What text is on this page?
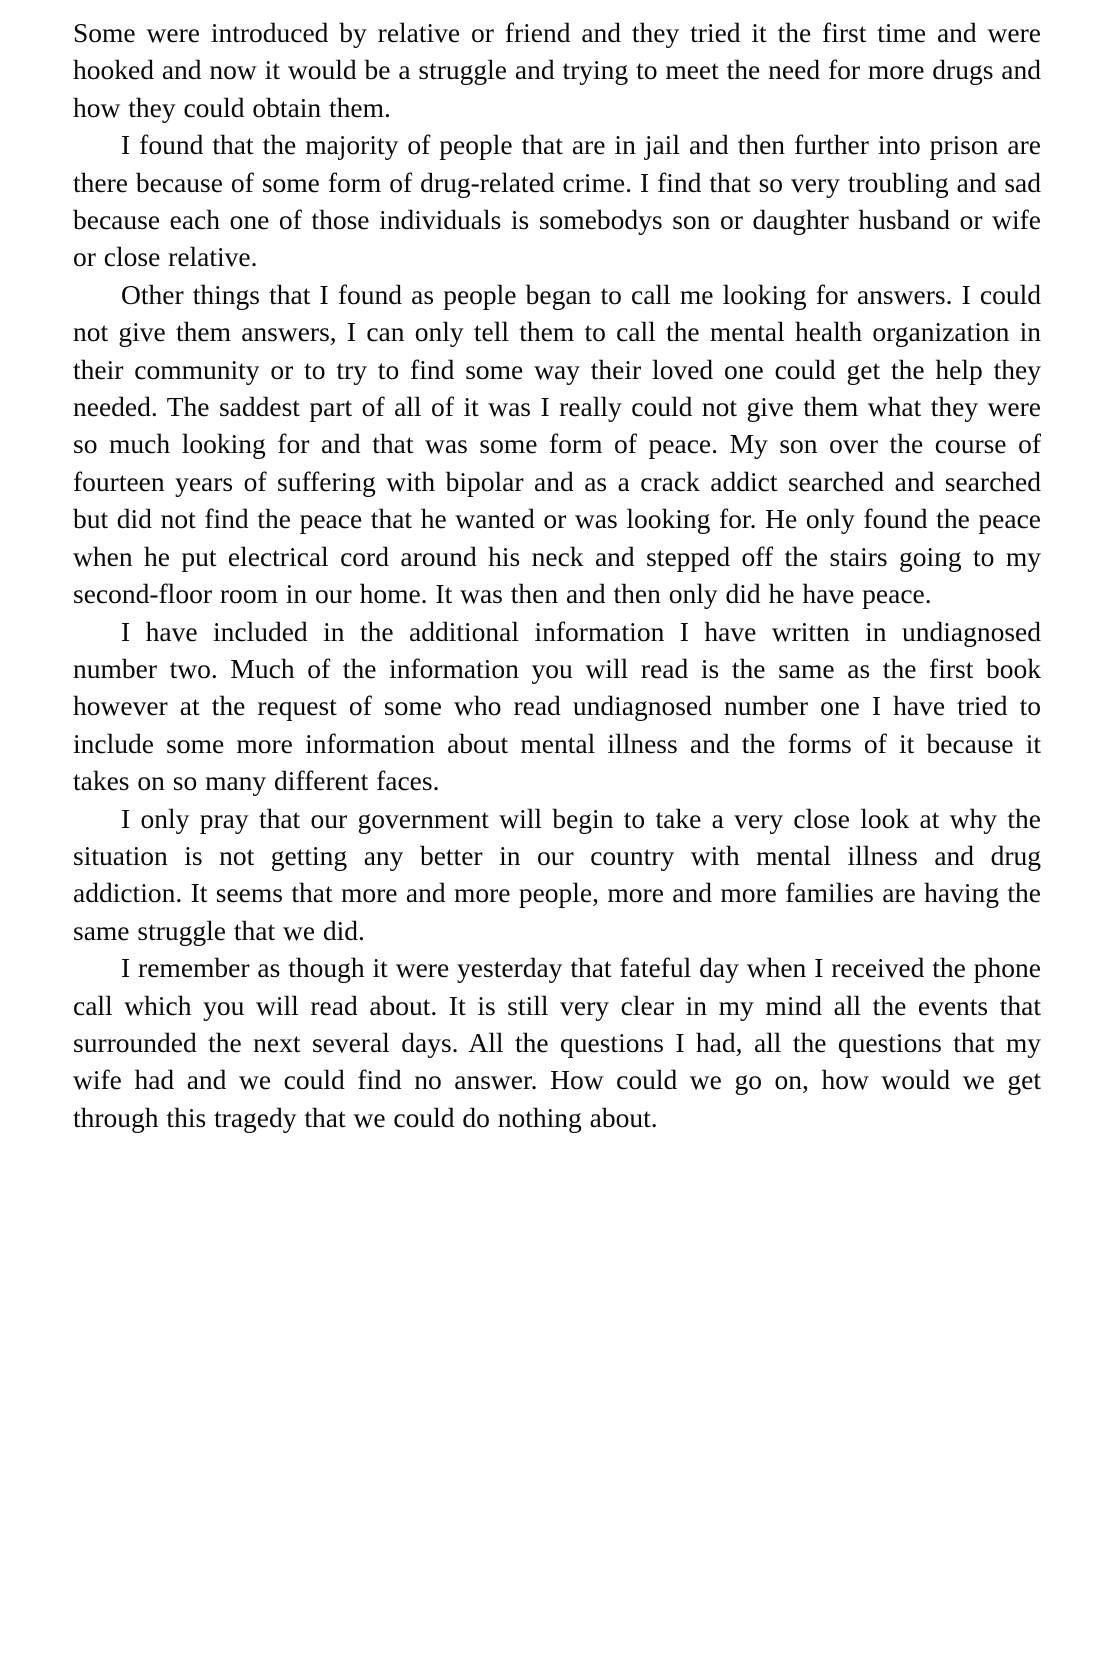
Some were introduced by relative or friend and they tried it the first time and were hooked and now it would be a struggle and trying to meet the need for more drugs and how they could obtain them.

I found that the majority of people that are in jail and then further into prison are there because of some form of drug-related crime. I find that so very troubling and sad because each one of those individuals is somebodys son or daughter husband or wife or close relative.

Other things that I found as people began to call me looking for answers. I could not give them answers, I can only tell them to call the mental health organization in their community or to try to find some way their loved one could get the help they needed. The saddest part of all of it was I really could not give them what they were so much looking for and that was some form of peace. My son over the course of fourteen years of suffering with bipolar and as a crack addict searched and searched but did not find the peace that he wanted or was looking for. He only found the peace when he put electrical cord around his neck and stepped off the stairs going to my second-floor room in our home. It was then and then only did he have peace.

I have included in the additional information I have written in undiagnosed number two. Much of the information you will read is the same as the first book however at the request of some who read undiagnosed number one I have tried to include some more information about mental illness and the forms of it because it takes on so many different faces.

I only pray that our government will begin to take a very close look at why the situation is not getting any better in our country with mental illness and drug addiction. It seems that more and more people, more and more families are having the same struggle that we did.

I remember as though it were yesterday that fateful day when I received the phone call which you will read about. It is still very clear in my mind all the events that surrounded the next several days. All the questions I had, all the questions that my wife had and we could find no answer. How could we go on, how would we get through this tragedy that we could do nothing about.
